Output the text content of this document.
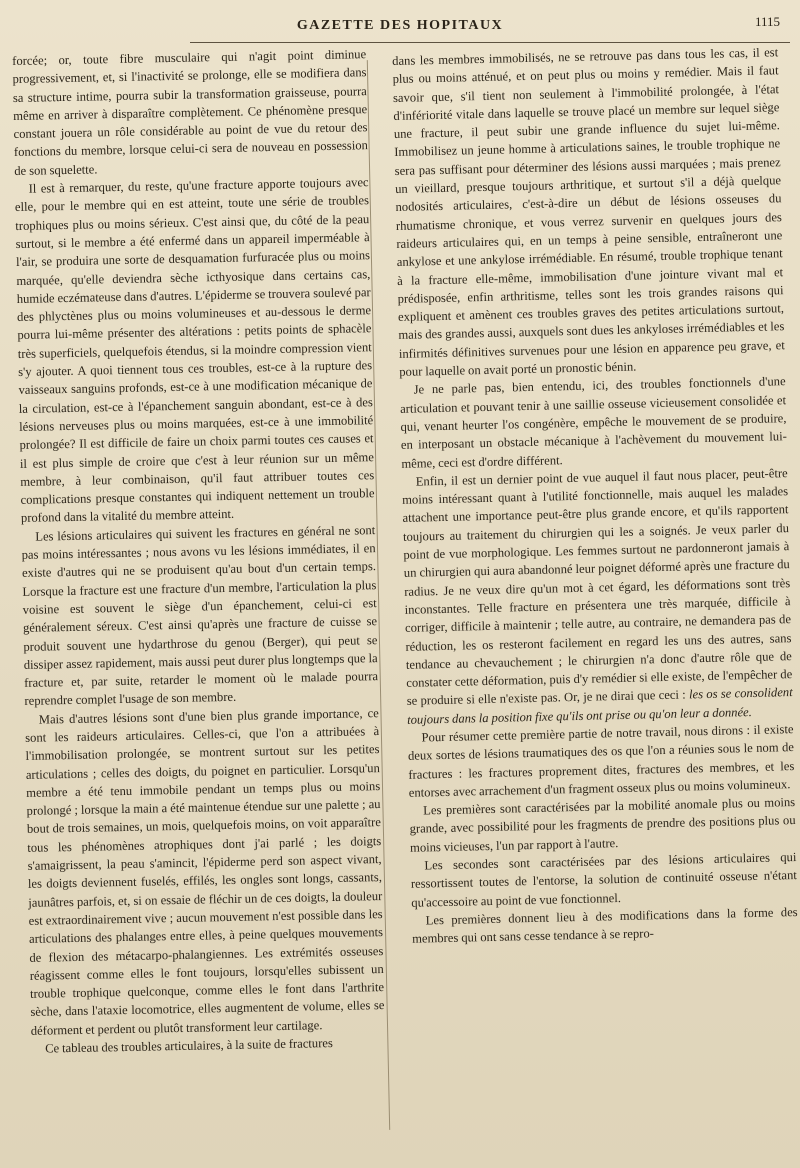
GAZETTE DES HOPITAUX	1115

forcée; or, toute fibre musculaire qui n'agit point diminue progressivement, et, si l'inactivité se prolonge, elle se modifiera dans sa structure intime, pourra subir la transformation graisseuse, pourra même en arriver à disparaître complètement. Ce phénomène presque constant jouera un rôle considérable au point de vue du retour des fonctions du membre, lorsque celui-ci sera de nouveau en possession de son squelette.

Il est à remarquer, du reste, qu'une fracture apporte toujours avec elle, pour le membre qui en est atteint, toute une série de troubles trophiques plus ou moins sérieux. C'est ainsi que, du côté de la peau surtout, si le membre a été enfermé dans un appareil imperméable à l'air, se produira une sorte de desquamation furfuracée plus ou moins marquée, qu'elle deviendra sèche icthyosique dans certains cas, humide eczémateuse dans d'autres. L'épiderme se trouvera soulevé par des phlyctènes plus ou moins volumineuses et au-dessous le derme pourra lui-même présenter des altérations : petits points de sphacèle très superficiels, quelquefois étendus, si la moindre compression vient s'y ajouter. A quoi tiennent tous ces troubles, est-ce à la rupture des vaisseaux sanguins profonds, est-ce à une modification mécanique de la circulation, est-ce à l'épanchement sanguin abondant, est-ce à des lésions nerveuses plus ou moins marquées, est-ce à une immobilité prolongée? Il est difficile de faire un choix parmi toutes ces causes et il est plus simple de croire que c'est à leur réunion sur un même membre, à leur combinaison, qu'il faut attribuer toutes ces complications presque constantes qui indiquent nettement un trouble profond dans la vitalité du membre atteint.

Les lésions articulaires qui suivent les fractures en général ne sont pas moins intéressantes ; nous avons vu les lésions immédiates, il en existe d'autres qui ne se produisent qu'au bout d'un certain temps. Lorsque la fracture est une fracture d'un membre, l'articulation la plus voisine est souvent le siège d'un épanchement, celui-ci est généralement séreux. C'est ainsi qu'après une fracture de cuisse se produit souvent une hydarthrose du genou (Berger), qui peut se dissiper assez rapidement, mais aussi peut durer plus longtemps que la fracture et, par suite, retarder le moment où le malade pourra reprendre complet l'usage de son membre.

Mais d'autres lésions sont d'une bien plus grande importance, ce sont les raideurs articulaires. Celles-ci, que l'on a attribuées à l'immobilisation prolongée, se montrent surtout sur les petites articulations ; celles des doigts, du poignet en particulier. Lorsqu'un membre a été tenu immobile pendant un temps plus ou moins prolongé ; lorsque la main a été maintenue étendue sur une palette ; au bout de trois semaines, un mois, quelquefois moins, on voit apparaître tous les phénomènes atrophiques dont j'ai parlé ; les doigts s'amaigrissent, la peau s'amincit, l'épiderme perd son aspect vivant, les doigts deviennent fuselés, effilés, les ongles sont longs, cassants, jaunâtres parfois, et, si on essaie de fléchir un de ces doigts, la douleur est extraordinairement vive ; aucun mouvement n'est possible dans les articulations des phalanges entre elles, à peine quelques mouvements de flexion des métacarpo-phalangiennes. Les extrémités osseuses réagissent comme elles le font toujours, lorsqu'elles subissent un trouble trophique quelconque, comme elles le font dans l'arthrite sèche, dans l'ataxie locomotrice, elles augmentent de volume, elles se déforment et perdent ou plutôt transforment leur cartilage.

Ce tableau des troubles articulaires, à la suite de fractures

dans les membres immobilisés, ne se retrouve pas dans tous les cas, il est plus ou moins atténué, et on peut plus ou moins y remédier. Mais il faut savoir que, s'il tient non seulement à l'immobilité prolongée, à l'état d'infériorité vitale dans laquelle se trouve placé un membre sur lequel siège une fracture, il peut subir une grande influence du sujet lui-même. Immobilisez un jeune homme à articulations saines, le trouble trophique ne sera pas suffisant pour déterminer des lésions aussi marquées ; mais prenez un vieillard, presque toujours arthritique, et surtout s'il a déjà quelque nodosités articulaires, c'est-à-dire un début de lésions osseuses du rhumatisme chronique, et vous verrez survenir en quelques jours des raideurs articulaires qui, en un temps à peine sensible, entraîneront une ankylose et une ankylose irrémédiable. En résumé, trouble trophique tenant à la fracture elle-même, immobilisation d'une jointure vivant mal et prédisposée, enfin arthritisme, telles sont les trois grandes raisons qui expliquent et amènent ces troubles graves des petites articulations surtout, mais des grandes aussi, auxquels sont dues les ankyloses irrémédiables et les infirmités définitives survenues pour une lésion en apparence peu grave, et pour laquelle on avait porté un pronostic bénin.

Je ne parle pas, bien entendu, ici, des troubles fonctionnels d'une articulation et pouvant tenir à une saillie osseuse vicieusement consolidée et qui, venant heurter l'os congénère, empêche le mouvement de se produire, en interposant un obstacle mécanique à l'achèvement du mouvement lui-même, ceci est d'ordre différent.

Enfin, il est un dernier point de vue auquel il faut nous placer, peut-être moins intéressant quant à l'utilité fonctionnelle, mais auquel les malades attachent une importance peut-être plus grande encore, et qu'ils rapportent toujours au traitement du chirurgien qui les a soignés. Je veux parler du point de vue morphologique. Les femmes surtout ne pardonneront jamais à un chirurgien qui aura abandonné leur poignet déformé après une fracture du radius. Je ne veux dire qu'un mot à cet égard, les déformations sont très inconstantes. Telle fracture en présentera une très marquée, difficile à corriger, difficile à maintenir ; telle autre, au contraire, ne demandera pas de réduction, les os resteront facilement en regard les uns des autres, sans tendance au chevauchement ; le chirurgien n'a donc d'autre rôle que de constater cette déformation, puis d'y remédier si elle existe, de l'empêcher de se produire si elle n'existe pas. Or, je ne dirai que ceci : les os se consolident toujours dans la position fixe qu'ils ont prise ou qu'on leur a donnée.

Pour résumer cette première partie de notre travail, nous dirons : il existe deux sortes de lésions traumatiques des os que l'on a réunies sous le nom de fractures : les fractures proprement dites, fractures des membres, et les entorses avec arrachement d'un fragment osseux plus ou moins volumineux.

Les premières sont caractérisées par la mobilité anomale plus ou moins grande, avec possibilité pour les fragments de prendre des positions plus ou moins vicieuses, l'un par rapport à l'autre.

Les secondes sont caractérisées par des lésions articulaires qui ressortissent toutes de l'entorse, la solution de continuité osseuse n'étant qu'accessoire au point de vue fonctionnel.

Les premières donnent lieu à des modifications dans la forme des membres qui ont sans cesse tendance à se repro-
